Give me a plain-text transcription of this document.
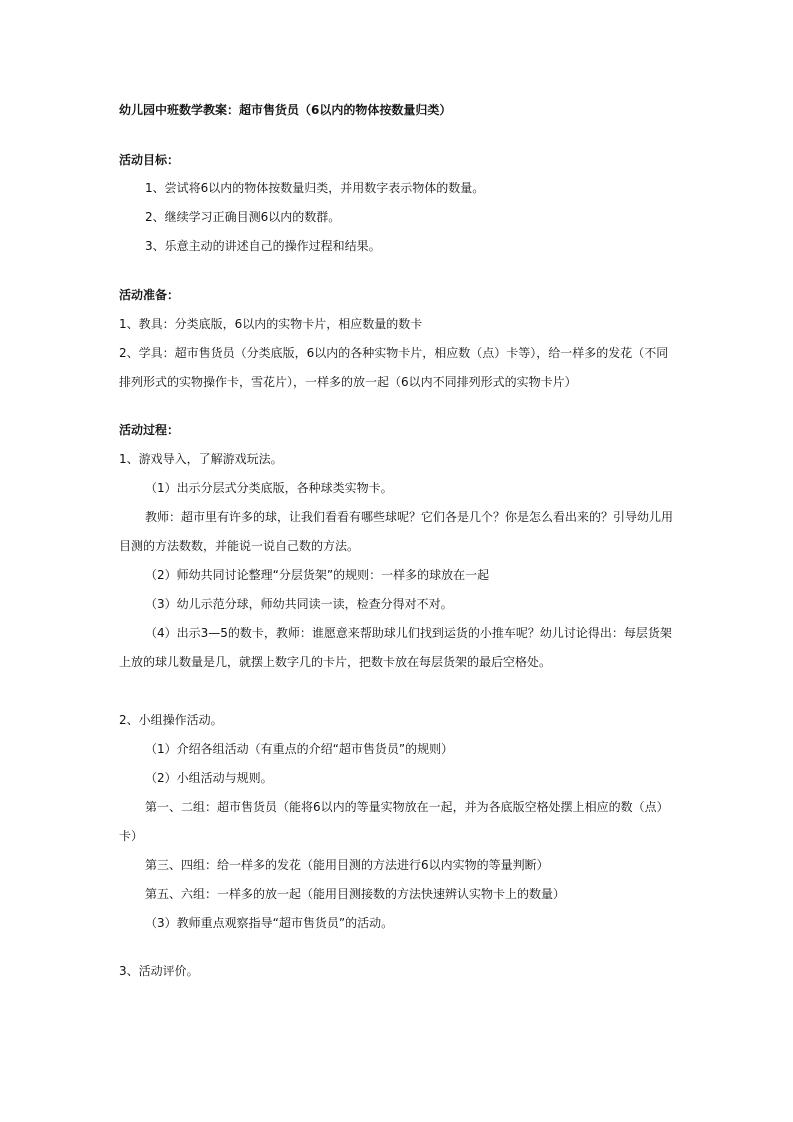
幼儿园中班数学教案：超市售货员（6以内的物体按数量归类）
活动目标：
1、尝试将6以内的物体按数量归类，并用数字表示物体的数量。
2、继续学习正确目测6以内的数群。
3、乐意主动的讲述自己的操作过程和结果。
活动准备：
1、教具：分类底版，6以内的实物卡片，相应数量的数卡
2、学具：超市售货员（分类底版，6以内的各种实物卡片，相应数（点）卡等），给一样多的发花（不同
排列形式的实物操作卡，雪花片），一样多的放一起（6以内不同排列形式的实物卡片）
活动过程：
1、游戏导入，了解游戏玩法。
（1）出示分层式分类底版，各种球类实物卡。
教师：超市里有许多的球，让我们看看有哪些球呢？它们各是几个？你是怎么看出来的？引导幼儿用
目测的方法数数，并能说一说自己数的方法。
（2）师幼共同讨论整理“分层货架”的规则：一样多的球放在一起
（3）幼儿示范分球，师幼共同读一读，检查分得对不对。
（4）出示3—5的数卡，教师：谁愿意来帮助球儿们找到运货的小推车呢？幼儿讨论得出：每层货架
上放的球儿数量是几，就摆上数字几的卡片，把数卡放在每层货架的最后空格处。
2、小组操作活动。
（1）介绍各组活动（有重点的介绍“超市售货员”的规则）
（2）小组活动与规则。
第一、二组：超市售货员（能将6以内的等量实物放在一起，并为各底版空格处摆上相应的数（点）
卡）
第三、四组：给一样多的发花（能用目测的方法进行6以内实物的等量判断）
第五、六组：一样多的放一起（能用目测接数的方法快速辨认实物卡上的数量）
（3）教师重点观察指导“超市售货员”的活动。
3、活动评价。
